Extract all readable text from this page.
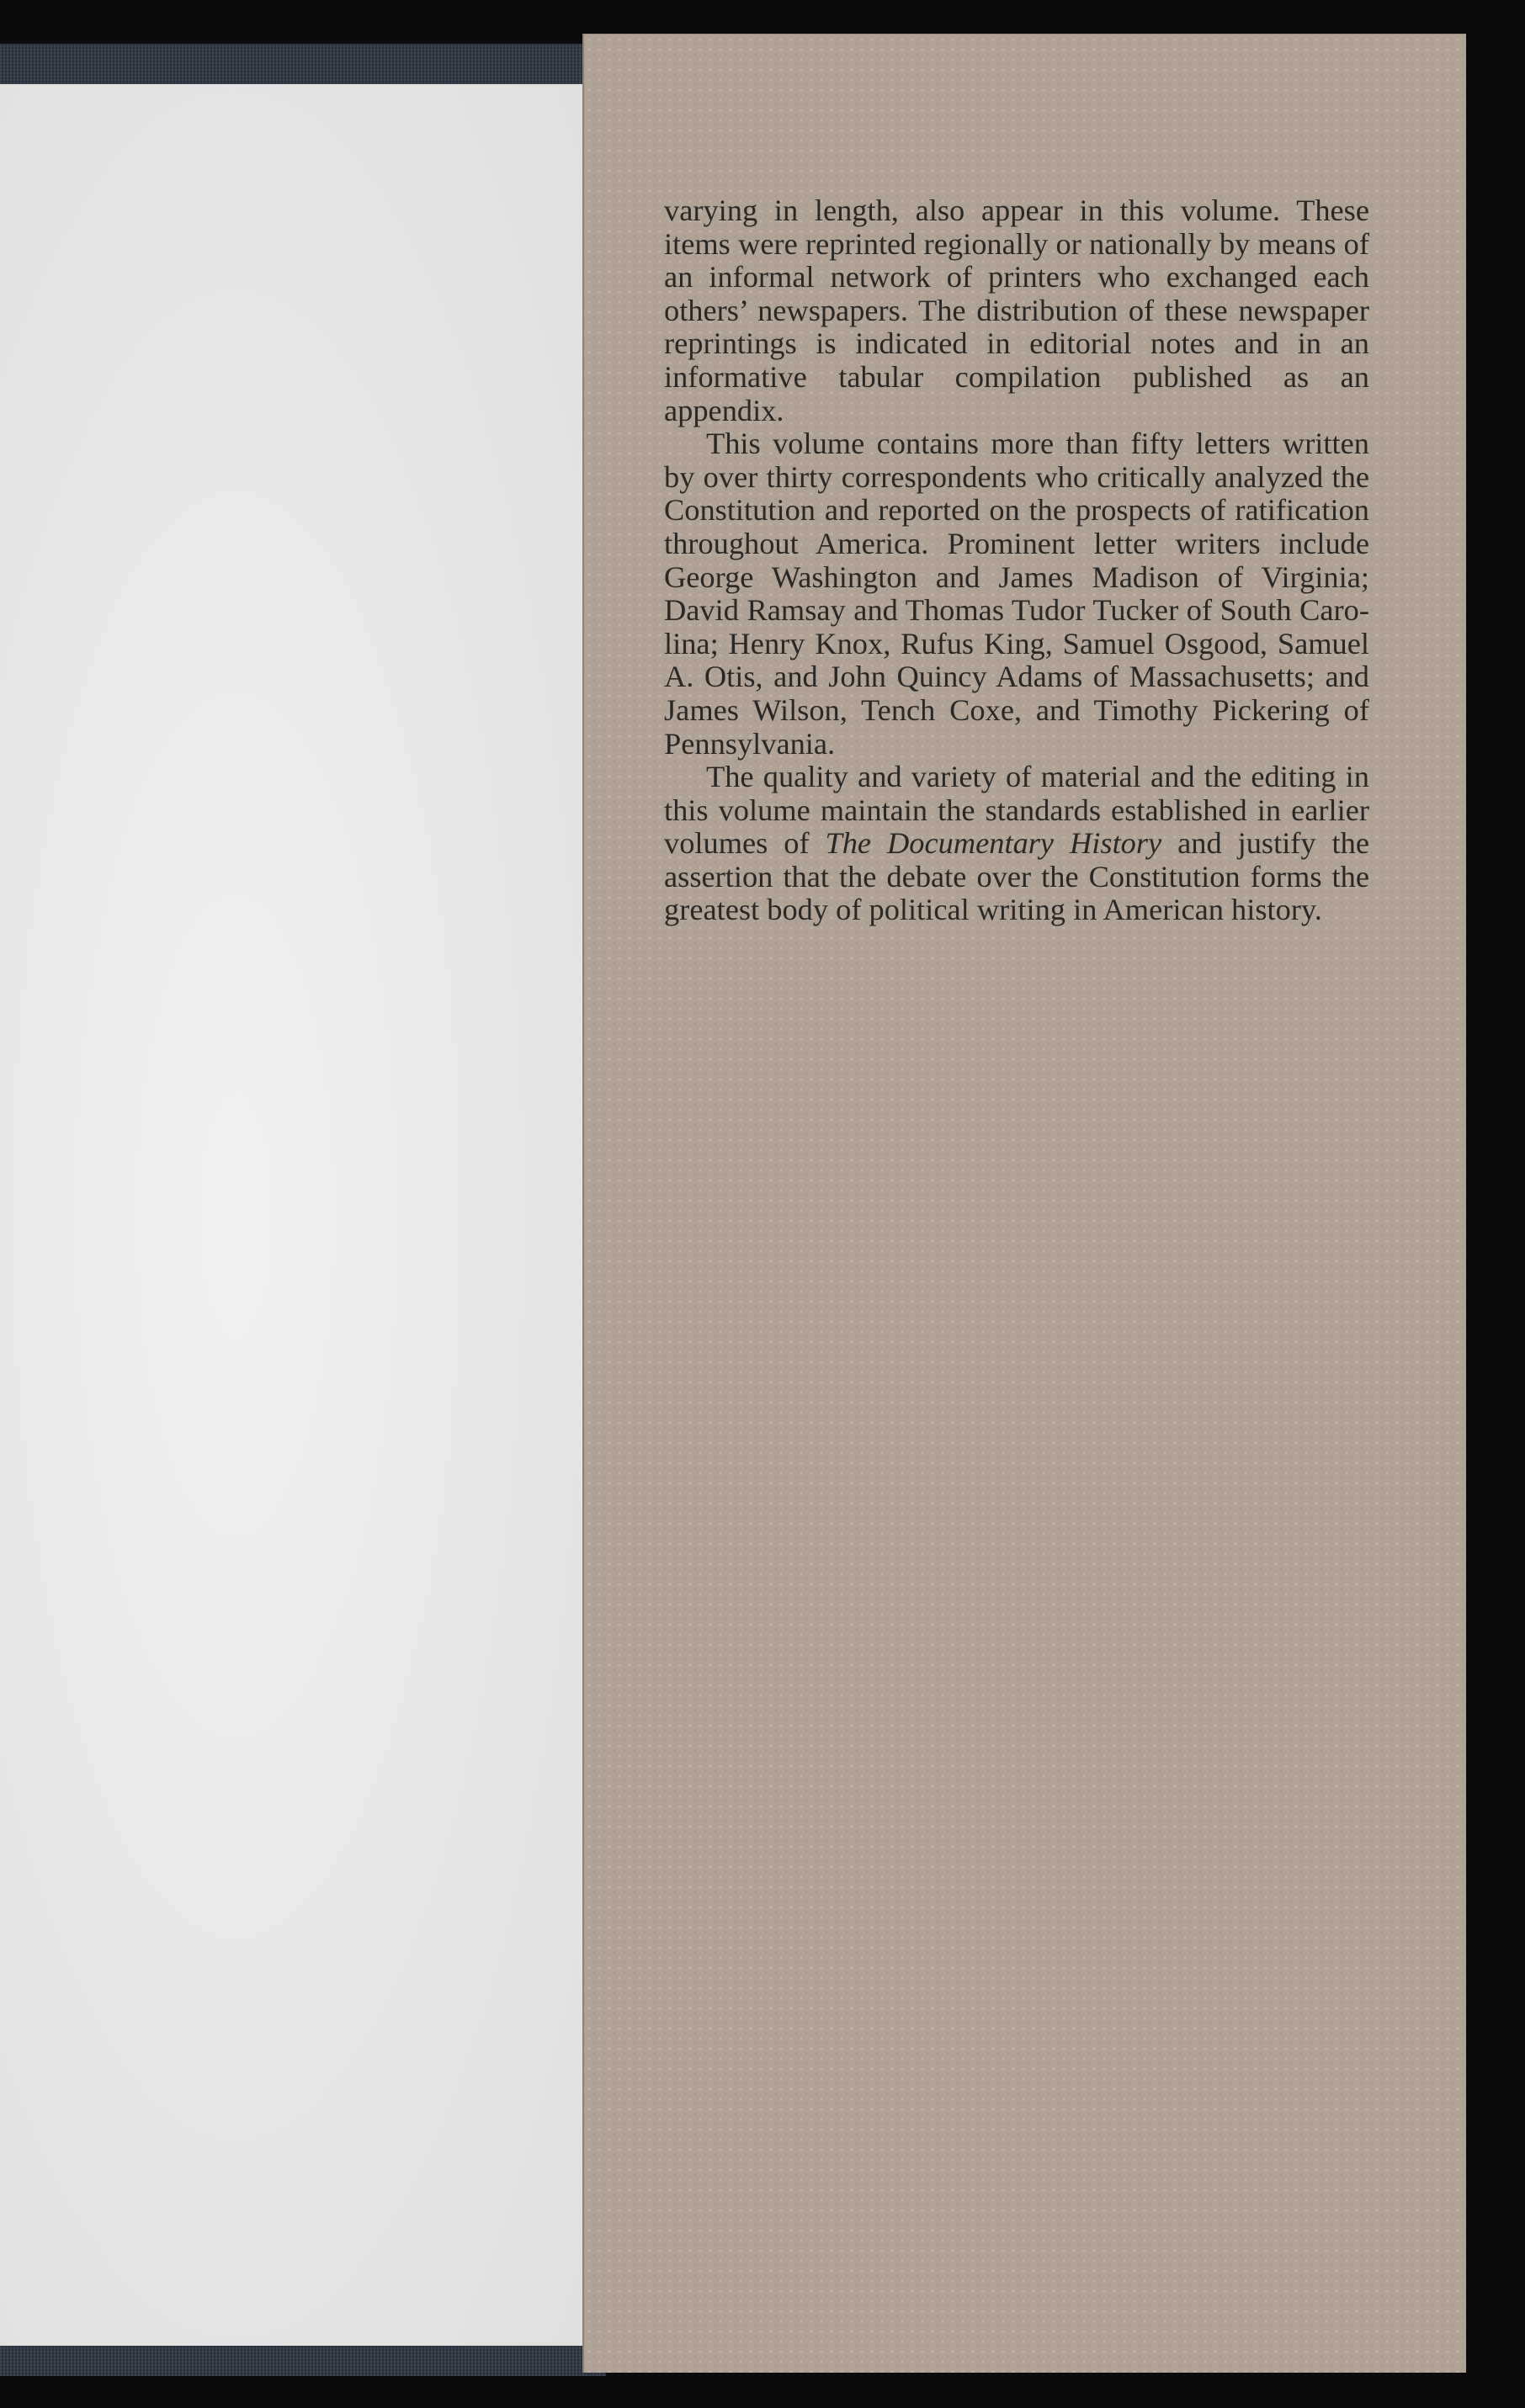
varying in length, also appear in this volume. These items were reprinted regionally or nationally by means of an informal network of printers who exchanged each others’ newspapers. The distribution of these newspaper reprintings is indicated in editorial notes and in an informative tabular compilation published as an appendix.

This volume contains more than fifty letters written by over thirty correspondents who critically analyzed the Constitution and reported on the prospects of ratification throughout America. Prominent letter writers include George Washington and James Madison of Virginia; David Ramsay and Thomas Tudor Tucker of South Carolina; Henry Knox, Rufus King, Samuel Osgood, Samuel A. Otis, and John Quincy Adams of Massachusetts; and James Wilson, Tench Coxe, and Timothy Pickering of Pennsylvania.

The quality and variety of material and the editing in this volume maintain the standards established in earlier volumes of The Documentary History and justify the assertion that the debate over the Constitution forms the greatest body of political writing in American history.
